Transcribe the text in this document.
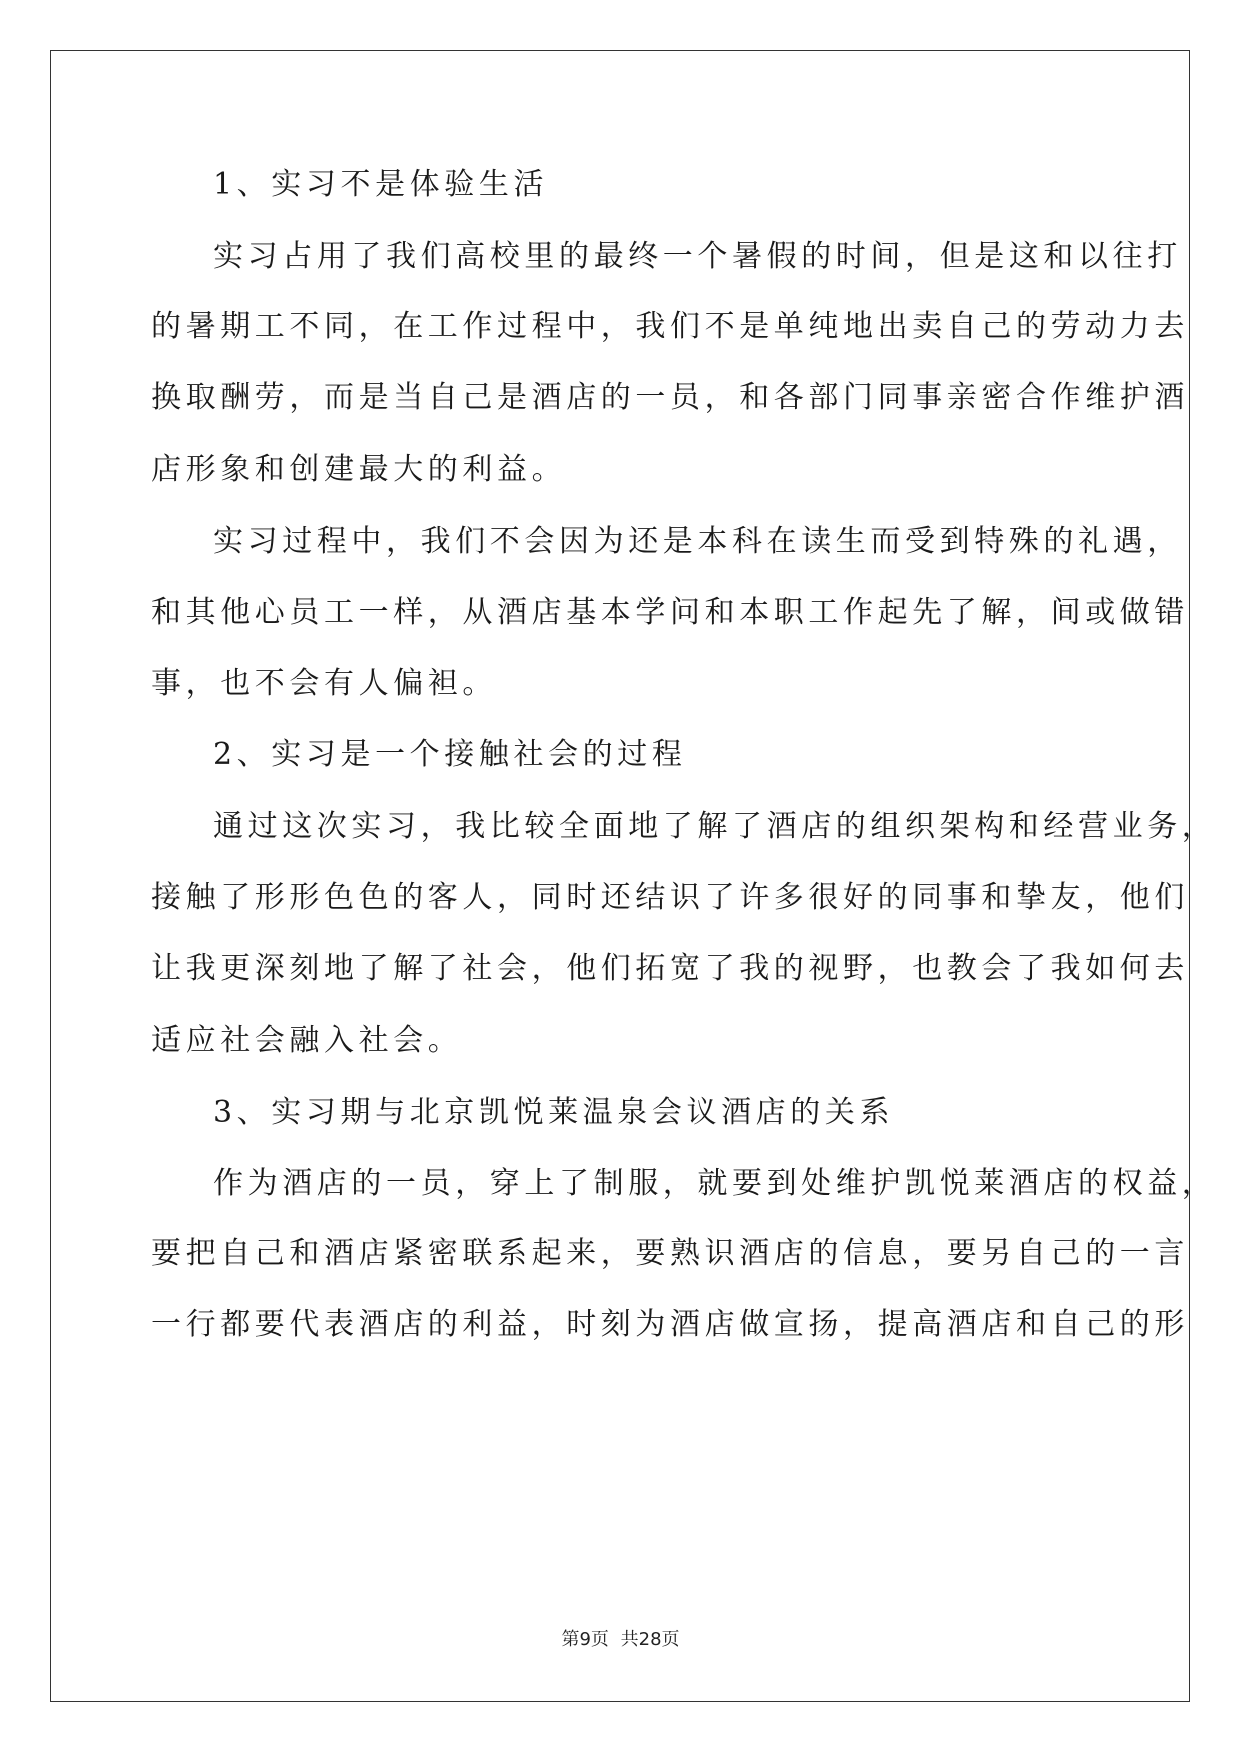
1、实习不是体验生活
实习占用了我们高校里的最终一个暑假的时间，但是这和以往打
的暑期工不同，在工作过程中，我们不是单纯地出卖自己的劳动力去
换取酬劳，而是当自己是酒店的一员，和各部门同事亲密合作维护酒
店形象和创建最大的利益。
实习过程中，我们不会因为还是本科在读生而受到特殊的礼遇，
和其他心员工一样，从酒店基本学问和本职工作起先了解，间或做错
事，也不会有人偏袒。
2、实习是一个接触社会的过程
通过这次实习，我比较全面地了解了酒店的组织架构和经营业务，
接触了形形色色的客人，同时还结识了许多很好的同事和挚友，他们
让我更深刻地了解了社会，他们拓宽了我的视野，也教会了我如何去
适应社会融入社会。
3、实习期与北京凯悦莱温泉会议酒店的关系
作为酒店的一员，穿上了制服，就要到处维护凯悦莱酒店的权益，
要把自己和酒店紧密联系起来，要熟识酒店的信息，要另自己的一言
一行都要代表酒店的利益，时刻为酒店做宣扬，提高酒店和自己的形
第9页 共28页
